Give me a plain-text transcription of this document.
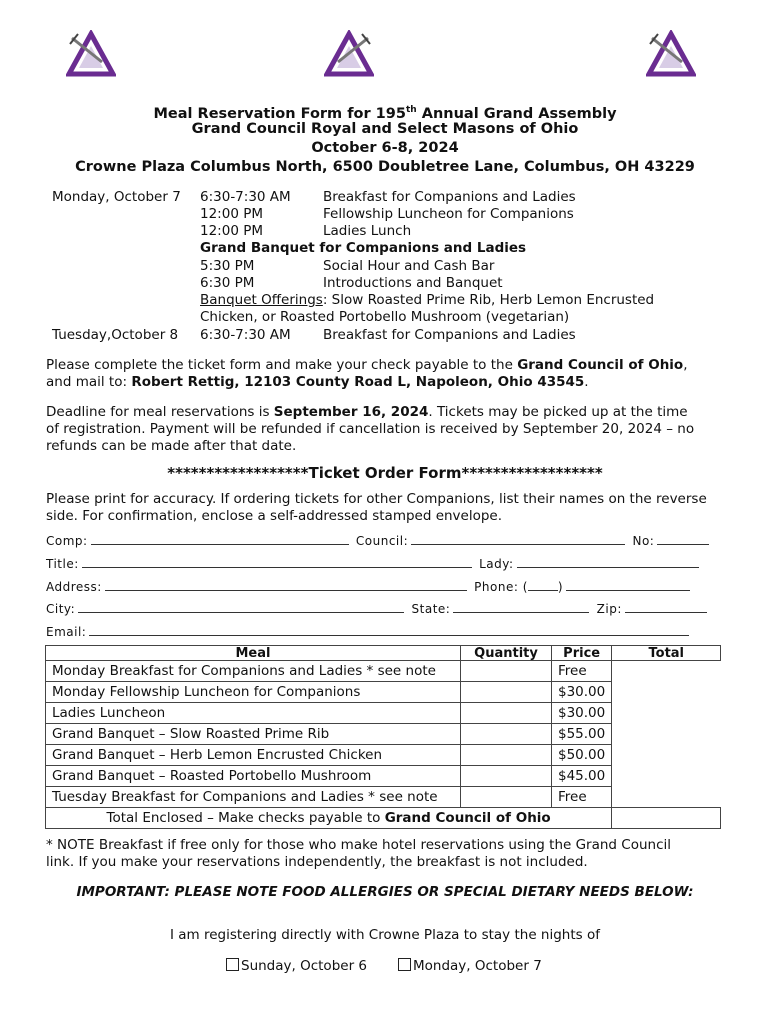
Meal Reservation Form for 195th Annual Grand Assembly
Grand Council Royal and Select Masons of Ohio
October 6-8, 2024
Crowne Plaza Columbus North, 6500 Doubletree Lane, Columbus, OH 43229
Monday, October 7 6:30-7:30 AM Breakfast for Companions and Ladies
12:00 PM	Fellowship Luncheon for Companions
12:00 PM	Ladies Lunch
Grand Banquet for Companions and Ladies
5:30 PM	Social Hour and Cash Bar
6:30 PM	Introductions and Banquet
Banquet Offerings: Slow Roasted Prime Rib, Herb Lemon Encrusted
Chicken, or Roasted Portobello Mushroom (vegetarian)
Tuesday,October 8 6:30-7:30 AM Breakfast for Companions and Ladies
Please complete the ticket form and make your check payable to the Grand Council of Ohio,
and mail to: Robert Rettig, 12103 County Road L, Napoleon, Ohio 43545.
Deadline for meal reservations is September 16, 2024. Tickets may be picked up at the time
of registration. Payment will be refunded if cancellation is received by September 20, 2024 – no
refunds can be made after that date.
******************Ticket Order Form******************
Please print for accuracy. If ordering tickets for other Companions, list their names on the reverse
side. For confirmation, enclose a self-addressed stamped envelope.
Comp:	Council:	No:
Title:	Lady:
Address:	Phone: (	)
City:	State:	Zip:
Email:
Meal	Quantity	Price	Total
Monday Breakfast for Companions and Ladies * see note		Free	
Monday Fellowship Luncheon for Companions		$30.00	
Ladies Luncheon		$30.00	
Grand Banquet – Slow Roasted Prime Rib		$55.00	
Grand Banquet – Herb Lemon Encrusted Chicken		$50.00	
Grand Banquet – Roasted Portobello Mushroom		$45.00	
Tuesday Breakfast for Companions and Ladies * see note		Free	
Total Enclosed – Make checks payable to Grand Council of Ohio			
* NOTE Breakfast if free only for those who make hotel reservations using the Grand Council
link. If you make your reservations independently, the breakfast is not included.
IMPORTANT: PLEASE NOTE FOOD ALLERGIES OR SPECIAL DIETARY NEEDS BELOW:
I am registering directly with Crowne Plaza to stay the nights of
Sunday, October 6	Monday, October 7
